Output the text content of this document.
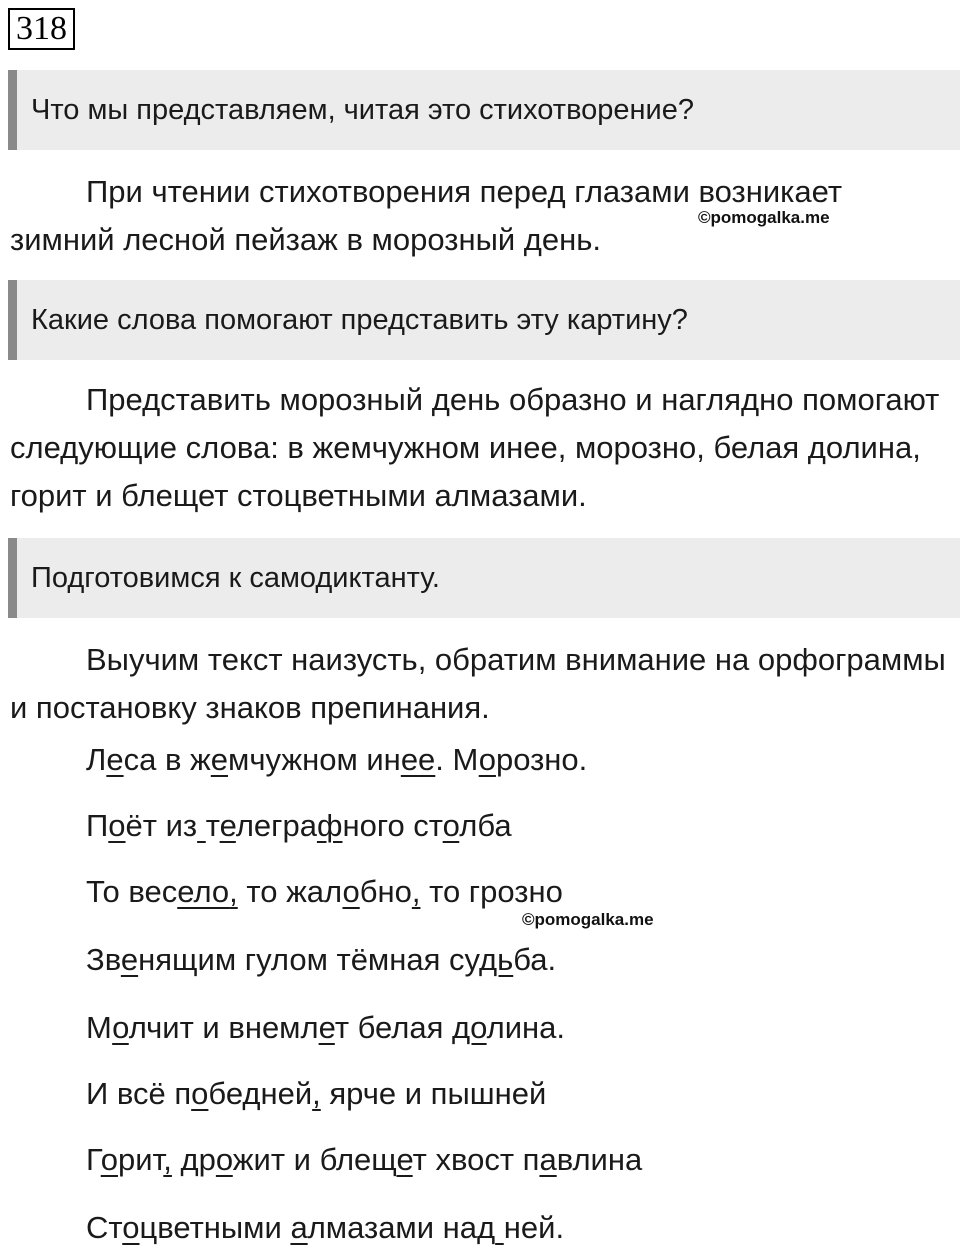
318
Что мы представляем, читая это стихотворение?
При чтении стихотворения перед глазами возникает зимний лесной пейзаж в морозный день.
©pomogalka.me
Какие слова помогают представить эту картину?
Представить морозный день образно и наглядно помогают следующие слова: в жемчужном инее, морозно, белая долина, горит и блещет стоцветными алмазами.
Подготовимся к самодиктанту.
Выучим текст наизусть, обратим внимание на орфограммы и постановку знаков препинания.
Леса в жемчужном инее. Морозно.
Поёт из телеграфного столба
То весело, то жалобно, то грозно
©pomogalka.me
Звенящим гулом тёмная судьба.
Молчит и внемлет белая долина.
И всё победней, ярче и пышней
Горит, дрожит и блещет хвост павлина
Стоцветными алмазами над ней.
